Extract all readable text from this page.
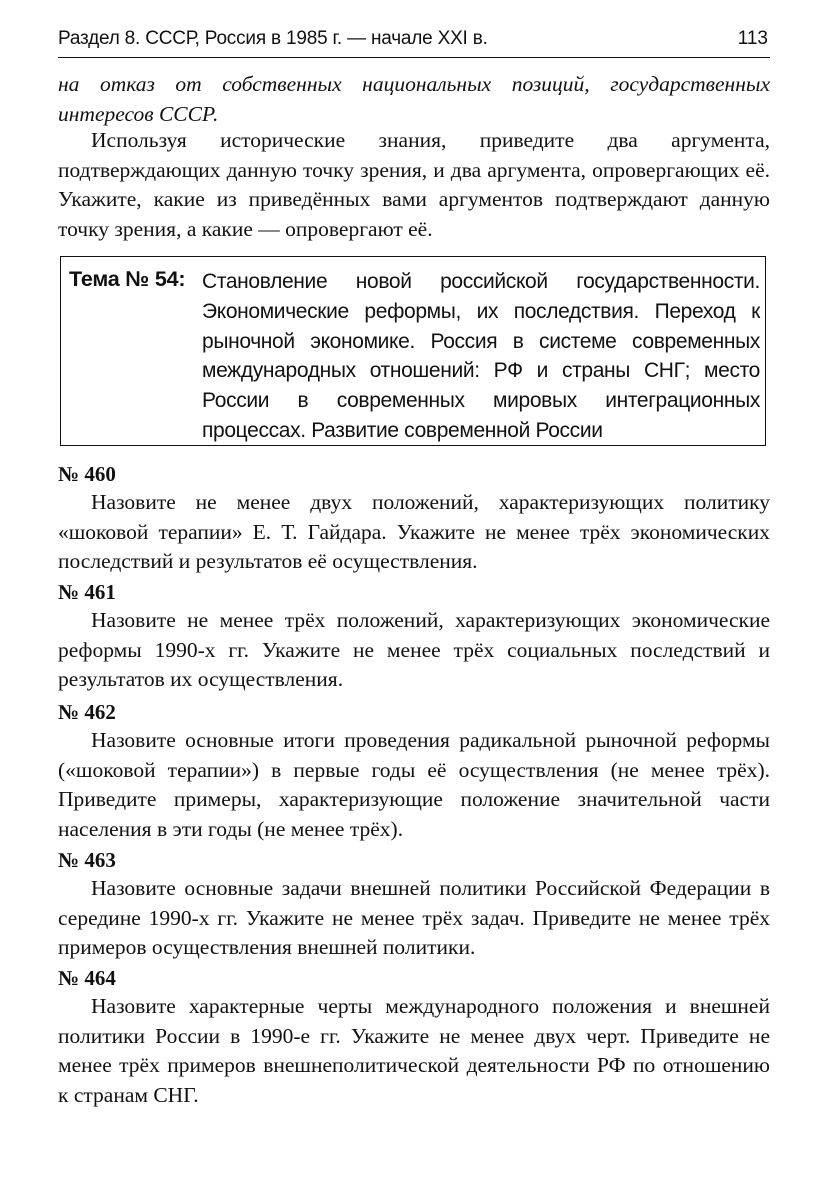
Раздел 8. СССР, Россия в 1985 г. — начале XXI в.	113
на отказ от собственных национальных позиций, государственных интересов СССР.

Используя исторические знания, приведите два аргумента, подтверждающих данную точку зрения, и два аргумента, опровергающих её. Укажите, какие из приведённых вами аргументов подтверждают данную точку зрения, а какие — опровергают её.

Тема № 54: Становление новой российской государственности. Экономические реформы, их последствия. Переход к рыночной экономике. Россия в системе современных международных отношений: РФ и страны СНГ; место России в современных мировых интеграционных процессах. Развитие современной России

№ 460

Назовите не менее двух положений, характеризующих политику «шоковой терапии» Е. Т. Гайдара. Укажите не менее трёх экономических последствий и результатов её осуществления.

№ 461

Назовите не менее трёх положений, характеризующих экономические реформы 1990-х гг. Укажите не менее трёх социальных последствий и результатов их осуществления.

№ 462

Назовите основные итоги проведения радикальной рыночной реформы («шоковой терапии») в первые годы её осуществления (не менее трёх). Приведите примеры, характеризующие положение значительной части населения в эти годы (не менее трёх).

№ 463

Назовите основные задачи внешней политики Российской Федерации в середине 1990-х гг. Укажите не менее трёх задач. Приведите не менее трёх примеров осуществления внешней политики.

№ 464

Назовите характерные черты международного положения и внешней политики России в 1990-е гг. Укажите не менее двух черт. Приведите не менее трёх примеров внешнеполитической деятельности РФ по отношению к странам СНГ.
